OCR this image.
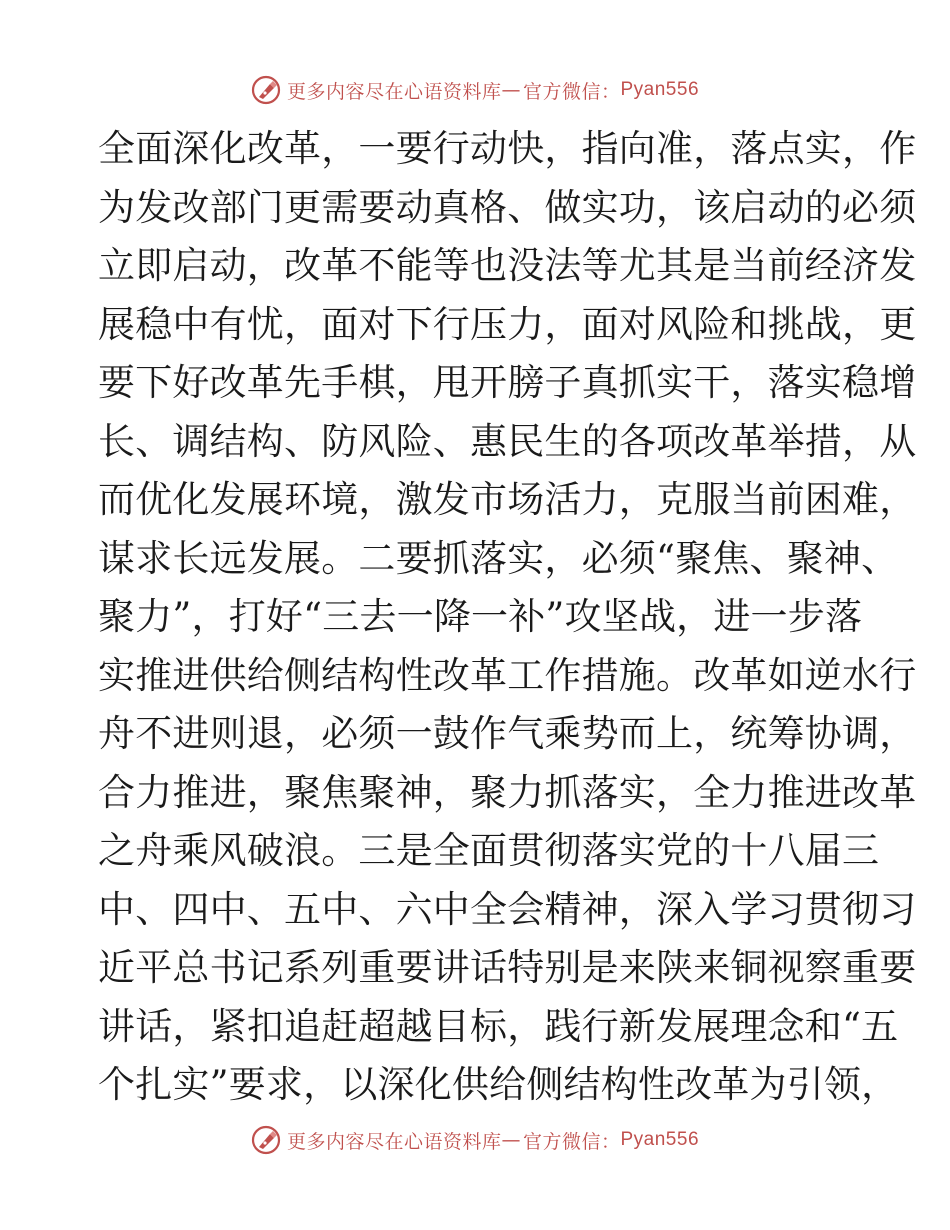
更多内容尽在心语资料库 — 官方微信： Pyan556
全面深化改革，一要行动快，指向准，落点实，作
为发改部门更需要动真格、做实功，该启动的必须
立即启动，改革不能等也没法等尤其是当前经济发
展稳中有忧，面对下行压力，面对风险和挑战，更
要下好改革先手棋，甩开膀子真抓实干，落实稳增
长、调结构、防风险、惠民生的各项改革举措，从
而优化发展环境，激发市场活力，克服当前困难，
谋求长远发展。二要抓落实，必须“聚焦、聚神、
聚力”，打好“三去一降一补”攻坚战，进一步落
实推进供给侧结构性改革工作措施。改革如逆水行
舟不进则退，必须一鼓作气乘势而上，统筹协调，
合力推进，聚焦聚神，聚力抓落实，全力推进改革
之舟乘风破浪。三是全面贯彻落实党的十八届三
中、四中、五中、六中全会精神，深入学习贯彻习
近平总书记系列重要讲话特别是来陕来铜视察重要
讲话，紧扣追赶超越目标，践行新发展理念和“五
个扎实”要求，以深化供给侧结构性改革为引领，
更多内容尽在心语资料库 — 官方微信： Pyan556
